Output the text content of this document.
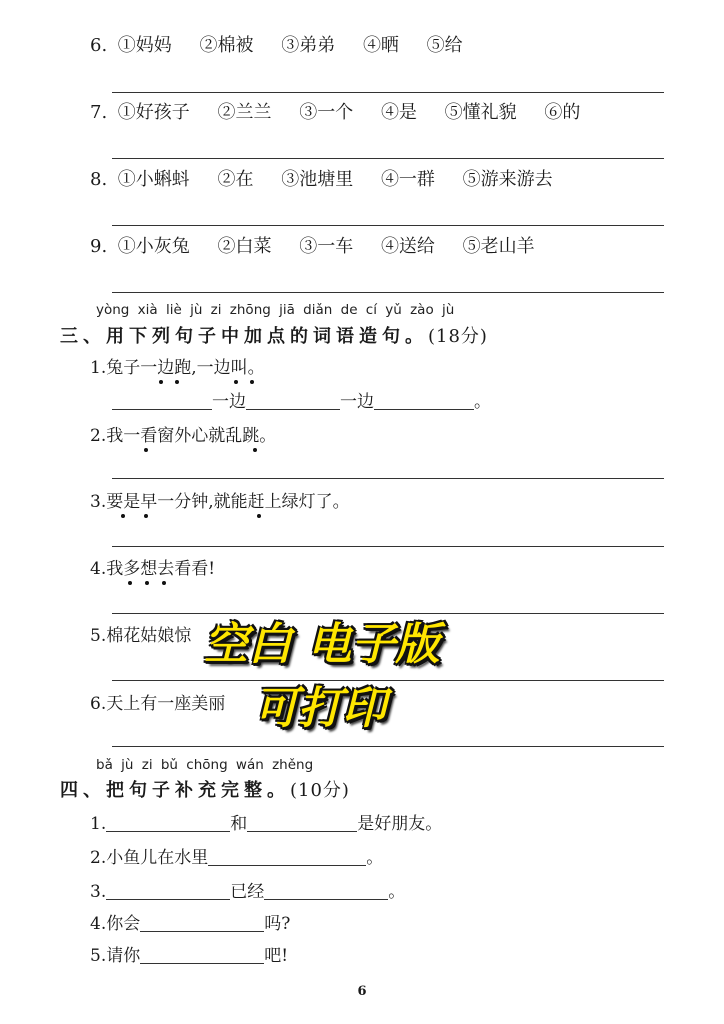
6. ①妈妈 ②棉被 ③弟弟 ④晒 ⑤给
7. ①好孩子 ②兰兰 ③一个 ④是 ⑤懂礼貌 ⑥的
8. ①小蝌蚪 ②在 ③池塘里 ④一群 ⑤游来游去
9. ①小灰兔 ②白菜 ③一车 ④送给 ⑤老山羊
yòng xià liè jù zi zhōng jiā diǎn de cí yǔ zào jù
三、用下列句子中加点的词语造句。(18分)
1.兔子一边跑,一边叫。
一边	一边	。
2.我一看窗外心就乱跳。
3.要是早一分钟,就能赶上绿灯了。
4.我多想去看看!
5.棉花姑娘惊
6.天上有一座美丽
空白 电子版
可打印
bǎ jù zi bǔ chōng wán zhěng
四、把句子补充完整。(10分)
1.	和	是好朋友。
2.小鱼儿在水里	。
3.	已经	。
4.你会	吗?
5.请你	吧!
6
